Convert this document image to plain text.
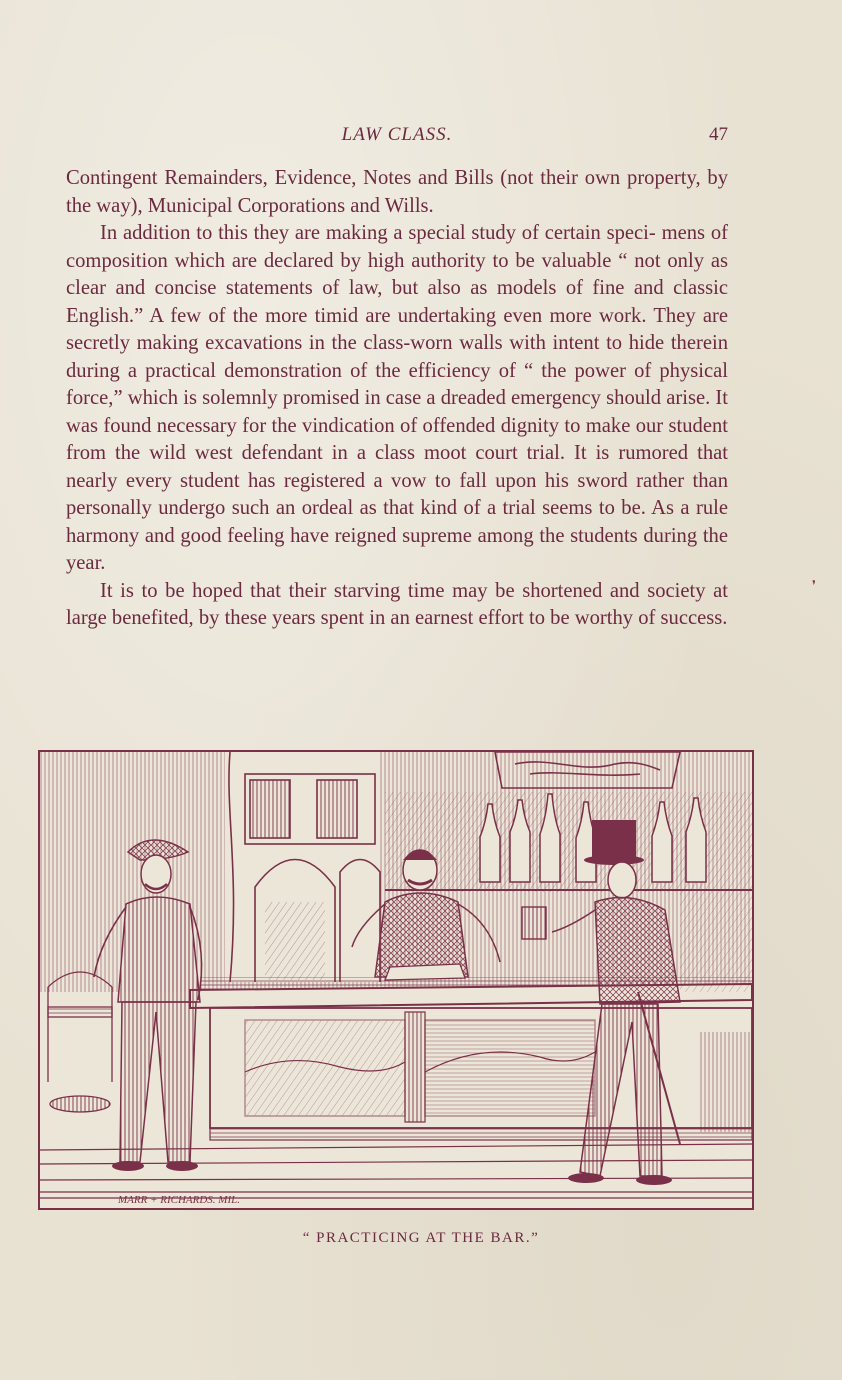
LAW CLASS.	47

Contingent Remainders, Evidence, Notes and Bills (not their own property, by the way), Municipal Corporations and Wills.

In addition to this they are making a special study of certain speci- mens of composition which are declared by high authority to be valuable “ not only as clear and concise statements of law, but also as models of fine and classic English.” A few of the more timid are undertaking even more work. They are secretly making excavations in the class-worn walls with intent to hide therein during a practical demonstration of the efficiency of “ the power of physical force,” which is solemnly promised in case a dreaded emergency should arise. It was found necessary for the vindication of offended dignity to make our student from the wild west defendant in a class moot court trial. It is rumored that nearly every student has registered a vow to fall upon his sword rather than personally undergo such an ordeal as that kind of a trial seems to be. As a rule harmony and good feeling have reigned supreme among the students during the year.

It is to be hoped that their starving time may be shortened and society at large benefited, by these years spent in an earnest effort to be worthy of success.

MARR + RICHARDS. MIL.
“ PRACTICING AT THE BAR.”
❜
